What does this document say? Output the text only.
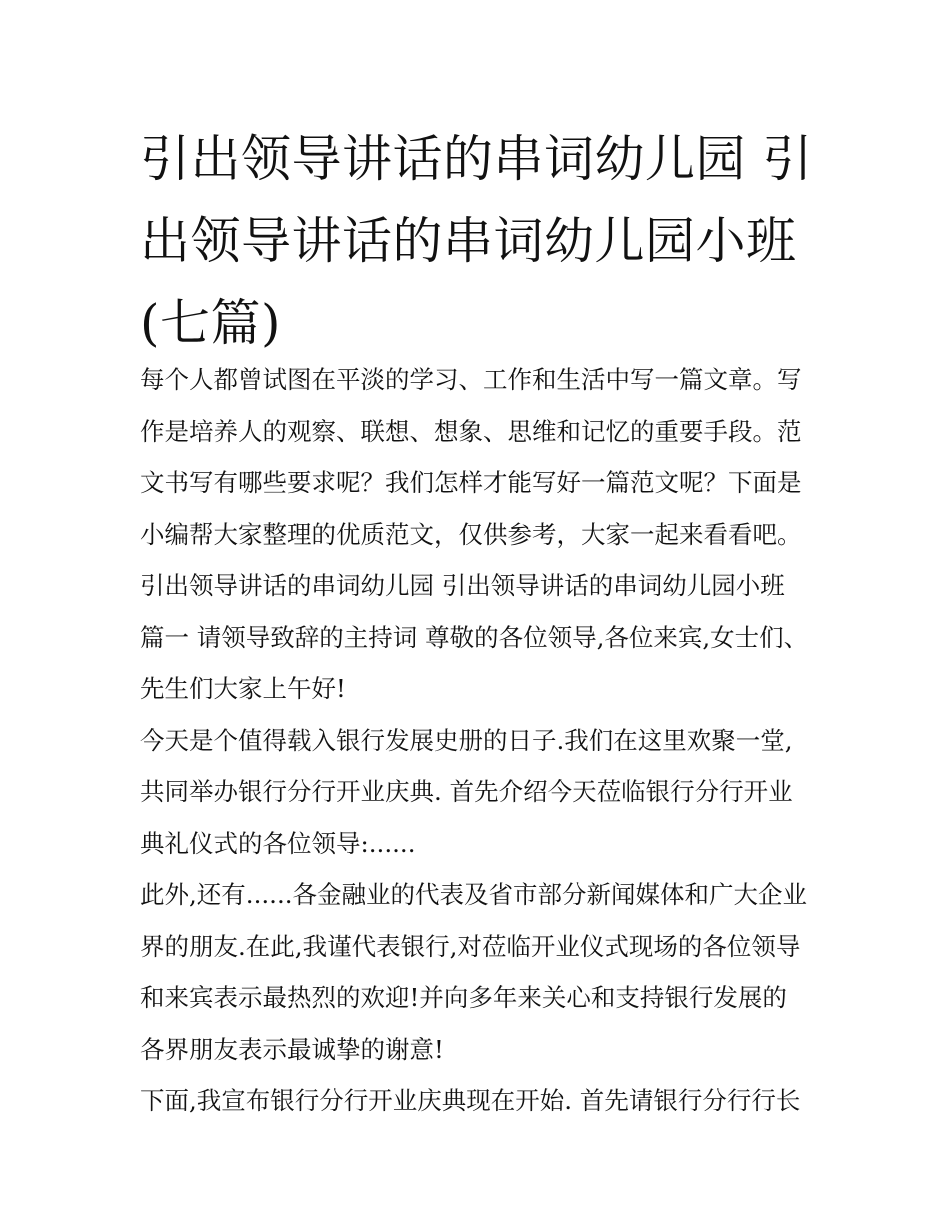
引出领导讲话的串词幼儿园 引
出领导讲话的串词幼儿园小班
(七篇)
每个人都曾试图在平淡的学习、工作和生活中写一篇文章。写
作是培养人的观察、联想、想象、思维和记忆的重要手段。范
文书写有哪些要求呢？我们怎样才能写好一篇范文呢？下面是
小编帮大家整理的优质范文，仅供参考，大家一起来看看吧。
引出领导讲话的串词幼儿园 引出领导讲话的串词幼儿园小班
篇一 请领导致辞的主持词 尊敬的各位领导,各位来宾,女士们、
先生们大家上午好!
今天是个值得载入银行发展史册的日子.我们在这里欢聚一堂,
共同举办银行分行开业庆典. 首先介绍今天莅临银行分行开业
典礼仪式的各位领导:......
此外,还有......各金融业的代表及省市部分新闻媒体和广大企业
界的朋友.在此,我谨代表银行,对莅临开业仪式现场的各位领导
和来宾表示最热烈的欢迎!并向多年来关心和支持银行发展的
各界朋友表示最诚挚的谢意!
下面,我宣布银行分行开业庆典现在开始. 首先请银行分行行长
